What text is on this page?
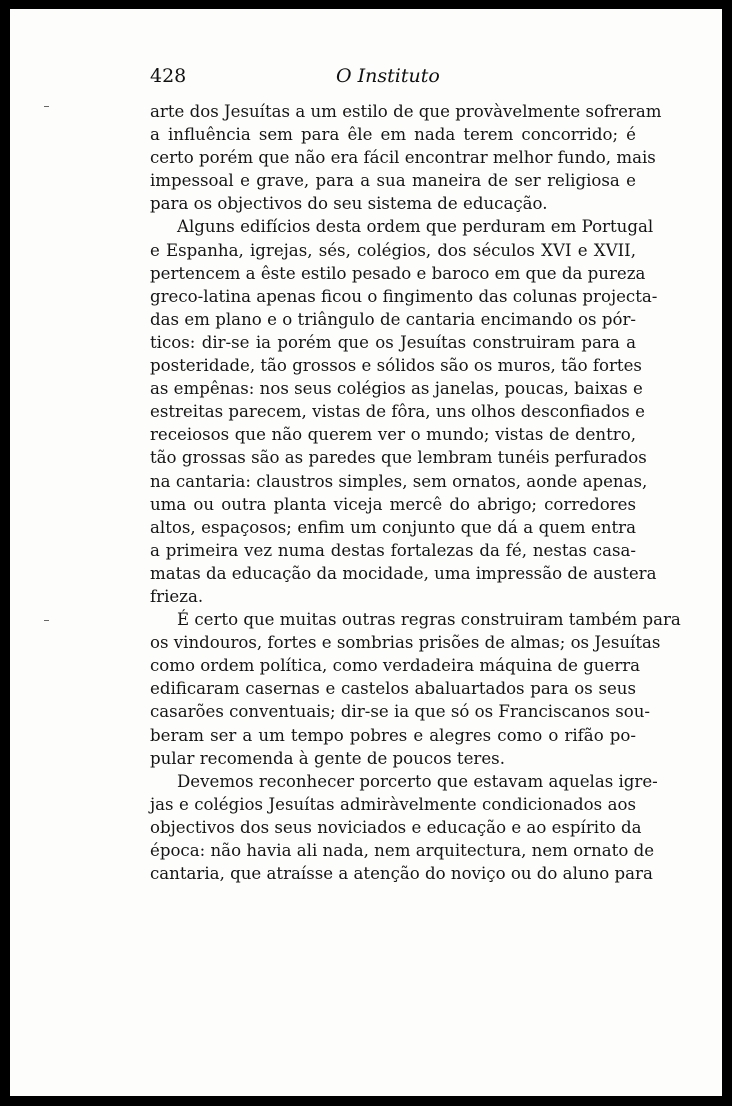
428	O Instituto

arte dos Jesuítas a um estilo de que provàvelmente sofreram
a influência sem para êle em nada terem concorrido; é
certo porém que não era fácil encontrar melhor fundo, mais
impessoal e grave, para a sua maneira de ser religiosa e
para os objectivos do seu sistema de educação.

Alguns edifícios desta ordem que perduram em Portugal
e Espanha, igrejas, sés, colégios, dos séculos XVI e XVII,
pertencem a êste estilo pesado e baroco em que da pureza
greco-latina apenas ficou o fingimento das colunas projecta-
das em plano e o triângulo de cantaria encimando os pór-
ticos: dir-se ia porém que os Jesuítas construiram para a
posteridade, tão grossos e sólidos são os muros, tão fortes
as empênas: nos seus colégios as janelas, poucas, baixas e
estreitas parecem, vistas de fôra, uns olhos desconfiados e
receiosos que não querem ver o mundo; vistas de dentro,
tão grossas são as paredes que lembram tunéis perfurados
na cantaria: claustros simples, sem ornatos, aonde apenas,
uma ou outra planta viceja mercê do abrigo; corredores
altos, espaçosos; enfim um conjunto que dá a quem entra
a primeira vez numa destas fortalezas da fé, nestas casa-
matas da educação da mocidade, uma impressão de austera
frieza.

É certo que muitas outras regras construiram também para
os vindouros, fortes e sombrias prisões de almas; os Jesuítas
como ordem política, como verdadeira máquina de guerra
edificaram casernas e castelos abaluartados para os seus
casarões conventuais; dir-se ia que só os Franciscanos sou-
beram ser a um tempo pobres e alegres como o rifão po-
pular recomenda à gente de poucos teres.

Devemos reconhecer porcerto que estavam aquelas igre-
jas e colégios Jesuítas admiràvelmente condicionados aos
objectivos dos seus noviciados e educação e ao espírito da
época: não havia ali nada, nem arquitectura, nem ornato de
cantaria, que atraísse a atenção do noviço ou do aluno para
